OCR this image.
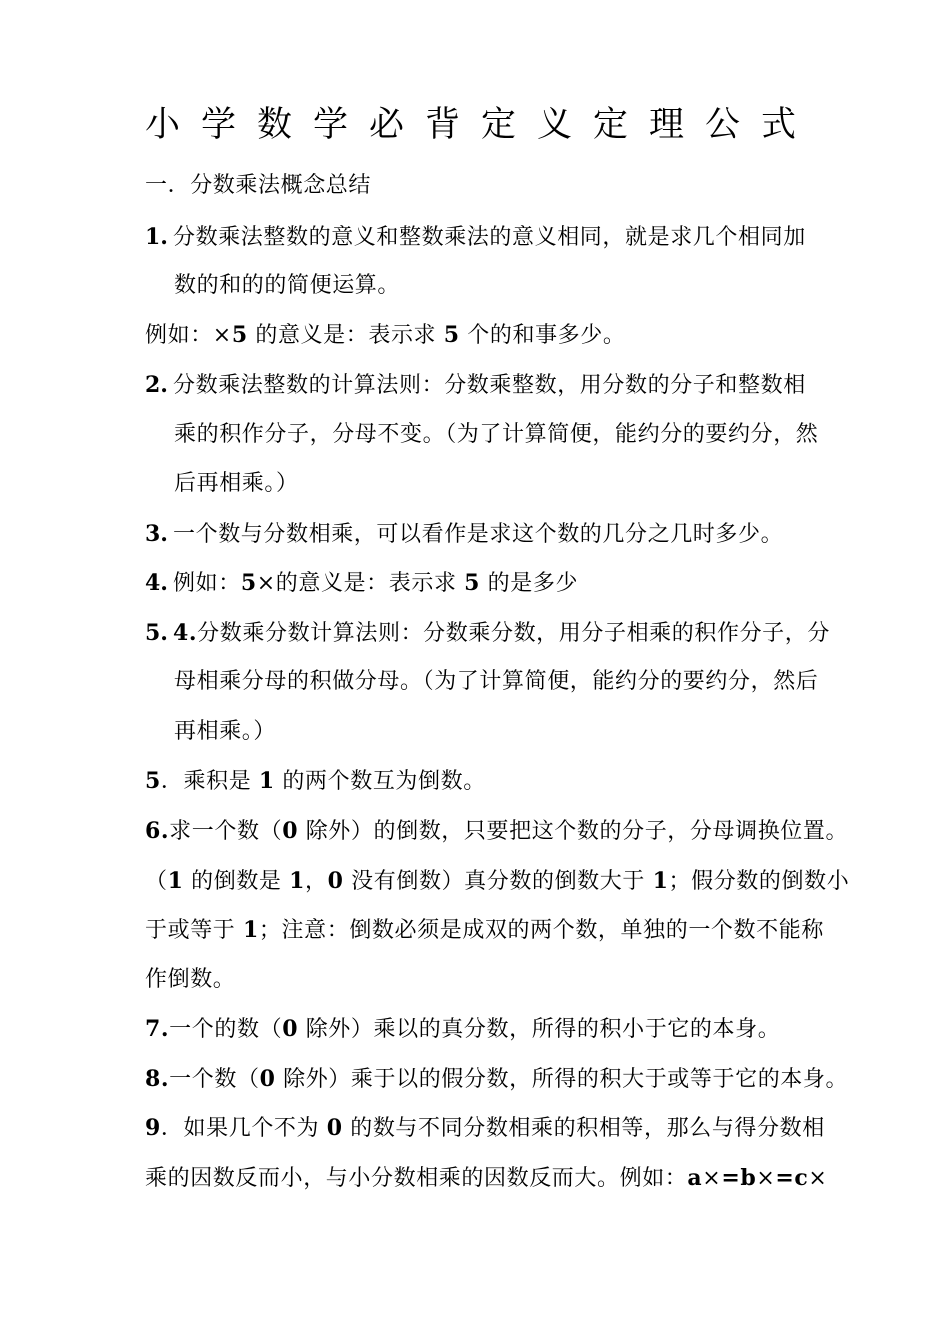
小学数学必背定义定理公式
一．分数乘法概念总结
1. 分数乘法整数的意义和整数乘法的意义相同，就是求几个相同加
数的和的的简便运算。
例如：×5 的意义是：表示求 5 个的和事多少。
2. 分数乘法整数的计算法则：分数乘整数，用分数的分子和整数相
乘的积作分子，分母不变。（为了计算简便，能约分的要约分，然
后再相乘。）
3. 一个数与分数相乘，可以看作是求这个数的几分之几时多少。
4. 例如：5×的意义是：表示求 5 的是多少
5. 4.分数乘分数计算法则：分数乘分数，用分子相乘的积作分子，分
母相乘分母的积做分母。（为了计算简便，能约分的要约分，然后
再相乘。）
5．乘积是 1 的两个数互为倒数。
6.求一个数（0 除外）的倒数，只要把这个数的分子，分母调换位置。
（1 的倒数是 1，0 没有倒数）真分数的倒数大于 1；假分数的倒数小
于或等于 1；注意：倒数必须是成双的两个数，单独的一个数不能称
作倒数。
7.一个的数（0 除外）乘以的真分数，所得的积小于它的本身。
8.一个数（0 除外）乘于以的假分数，所得的积大于或等于它的本身。
9．如果几个不为 0 的数与不同分数相乘的积相等，那么与得分数相
乘的因数反而小，与小分数相乘的因数反而大。例如：a×=b×=c×
